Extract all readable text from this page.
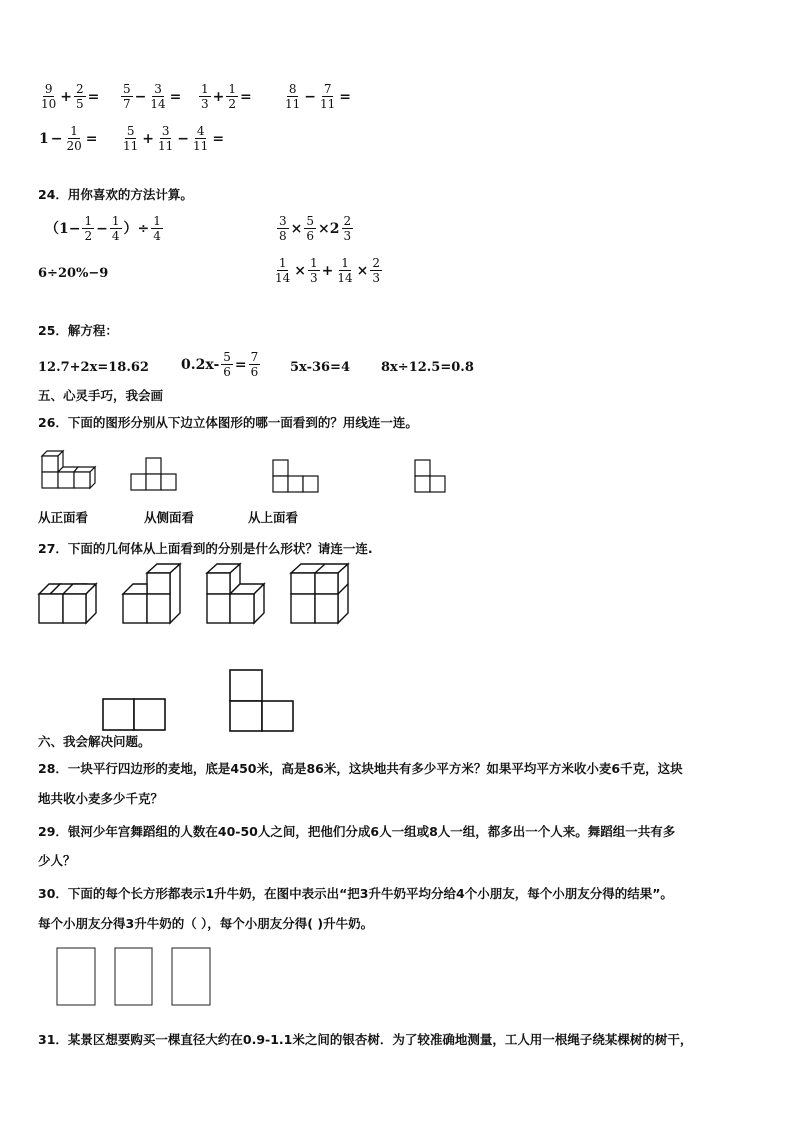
$\frac{9}{10} + \frac{2}{5} = \frac{5}{7} - \frac{3}{14} = \frac{1}{3} + \frac{1}{2}$ =	$\frac{8}{11} - \frac{7}{11}$ =
$1 - \frac{1}{20} = \frac{5}{11} + \frac{3}{11} - \frac{4}{11}$ =
24．用你喜欢的方法计算。
（$1- \frac{1}{2} - \frac{1}{4}$ ）÷ $\frac{1}{4}$	$\frac{3}{8} \times \frac{5}{6} \times 2 \frac{2}{3}$
6÷20%−9	$\frac{1}{14} \times \frac{1}{3} + \frac{1}{14} \times \frac{2}{3}$
25．解方程：
12.7+2x=18.62 $0.2x- \frac{5}{6} = \frac{7}{6} 5x-36=4$ 8x÷12.5=0.8
五、心灵手巧，我会画
26．下面的图形分别从下边立体图形的哪一面看到的？用线连一连。
从正面看	从侧面看	从上面看
27．下面的几何体从上面看到的分别是什么形状？请连一连.
六、我会解决问题。
28．一块平行四边形的麦地，底是450米，高是86米，这块地共有多少平方米？如果平均平方米收小麦6千克，这块
地共收小麦多少千克？
29．银河少年宫舞蹈组的人数在40-50人之间，把他们分成6人一组或8人一组，都多出一个人来。舞蹈组一共有多
少人？
30．下面的每个长方形都表示1升牛奶，在图中表示出“把3升牛奶平均分给4个小朋友，每个小朋友分得的结果”。
每个小朋友分得3升牛奶的（ ），每个小朋友分得( )升牛奶。
31．某景区想要购买一棵直径大约在0.9-1.1米之间的银杏树．为了较准确地测量，工人用一根绳子绕某棵树的树干，
